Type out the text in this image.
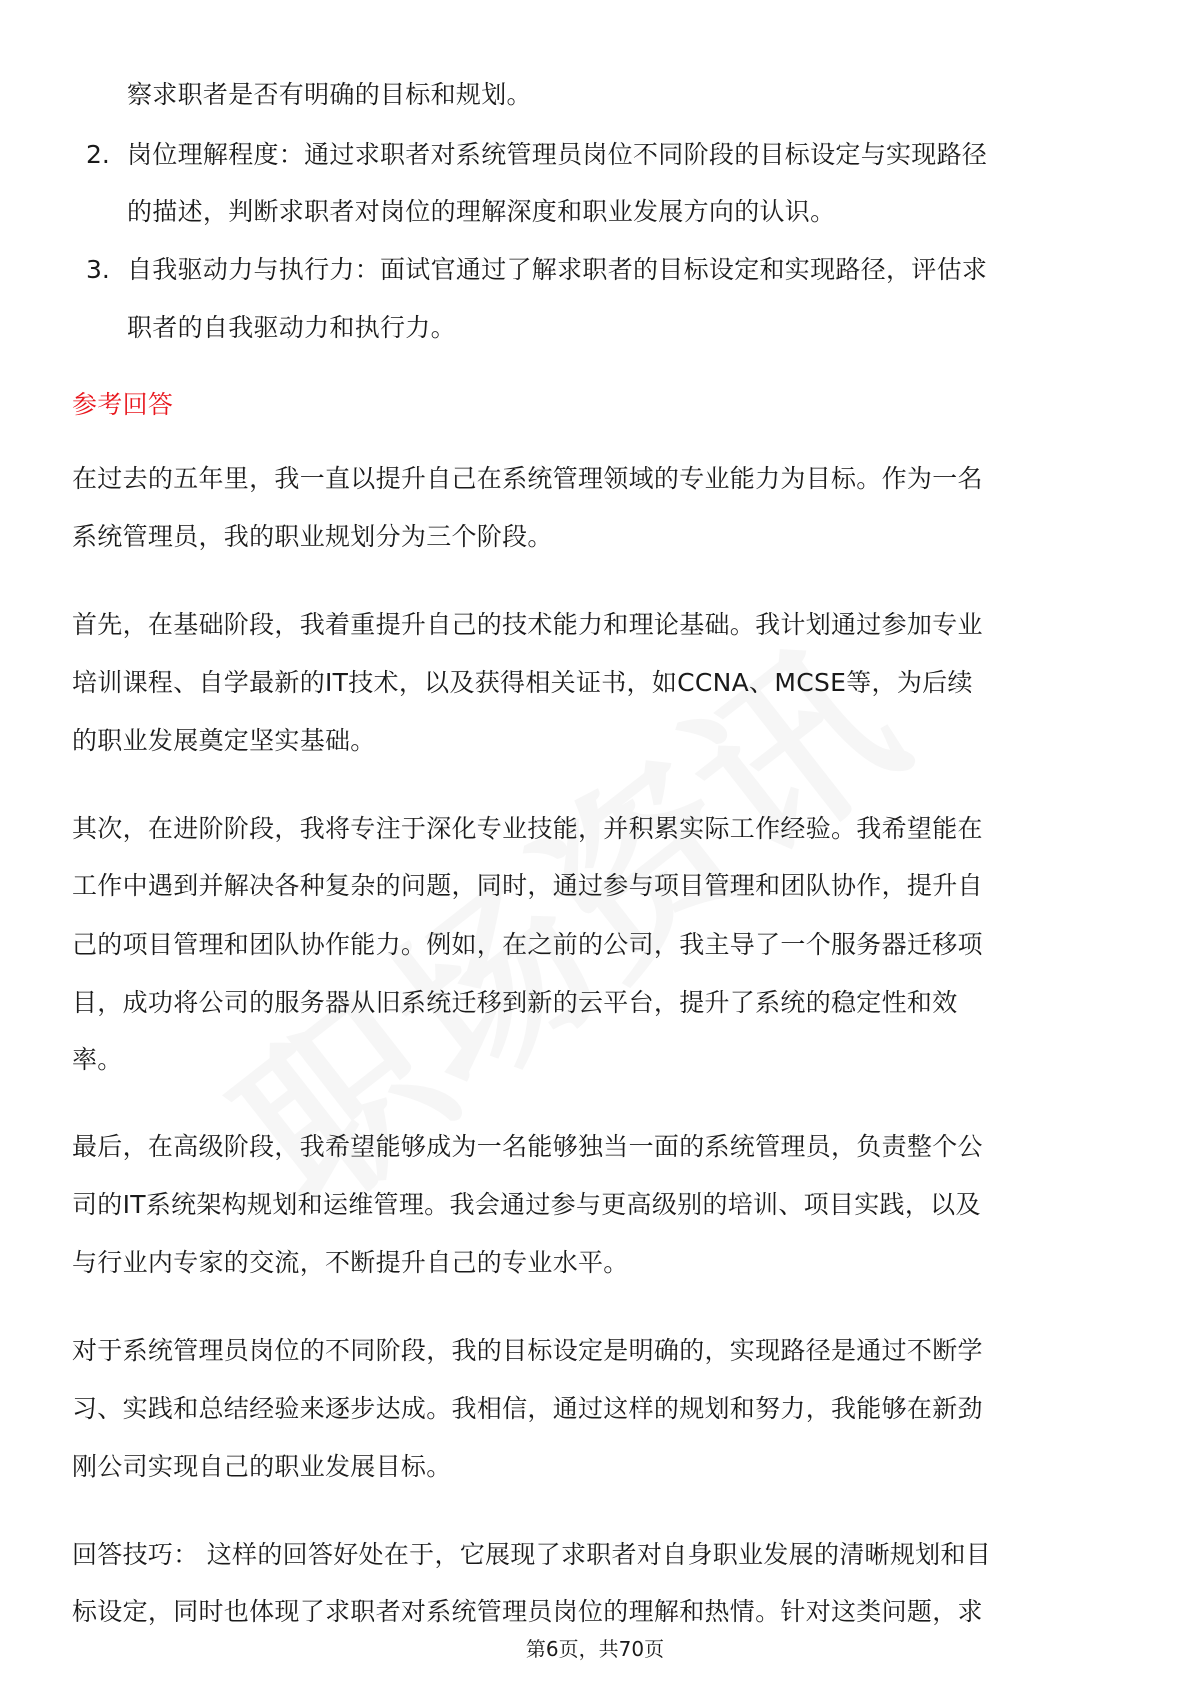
察求职者是否有明确的目标和规划。
2. 岗位理解程度：通过求职者对系统管理员岗位不同阶段的目标设定与实现路径
的描述，判断求职者对岗位的理解深度和职业发展方向的认识。
3. 自我驱动力与执行力：面试官通过了解求职者的目标设定和实现路径，评估求
职者的自我驱动力和执行力。
参考回答
在过去的五年里，我一直以提升自己在系统管理领域的专业能力为目标。作为一名
系统管理员，我的职业规划分为三个阶段。
首先，在基础阶段，我着重提升自己的技术能力和理论基础。我计划通过参加专业
培训课程、自学最新的IT技术，以及获得相关证书，如CCNA、MCSE等，为后续
的职业发展奠定坚实基础。
其次，在进阶阶段，我将专注于深化专业技能，并积累实际工作经验。我希望能在
工作中遇到并解决各种复杂的问题，同时，通过参与项目管理和团队协作，提升自
己的项目管理和团队协作能力。例如，在之前的公司，我主导了一个服务器迁移项
目，成功将公司的服务器从旧系统迁移到新的云平台，提升了系统的稳定性和效
率。
最后，在高级阶段，我希望能够成为一名能够独当一面的系统管理员，负责整个公
司的IT系统架构规划和运维管理。我会通过参与更高级别的培训、项目实践，以及
与行业内专家的交流，不断提升自己的专业水平。
对于系统管理员岗位的不同阶段，我的目标设定是明确的，实现路径是通过不断学
习、实践和总结经验来逐步达成。我相信，通过这样的规划和努力，我能够在新劲
刚公司实现自己的职业发展目标。
回答技巧： 这样的回答好处在于，它展现了求职者对自身职业发展的清晰规划和目
标设定，同时也体现了求职者对系统管理员岗位的理解和热情。针对这类问题，求
第6页，共70页
